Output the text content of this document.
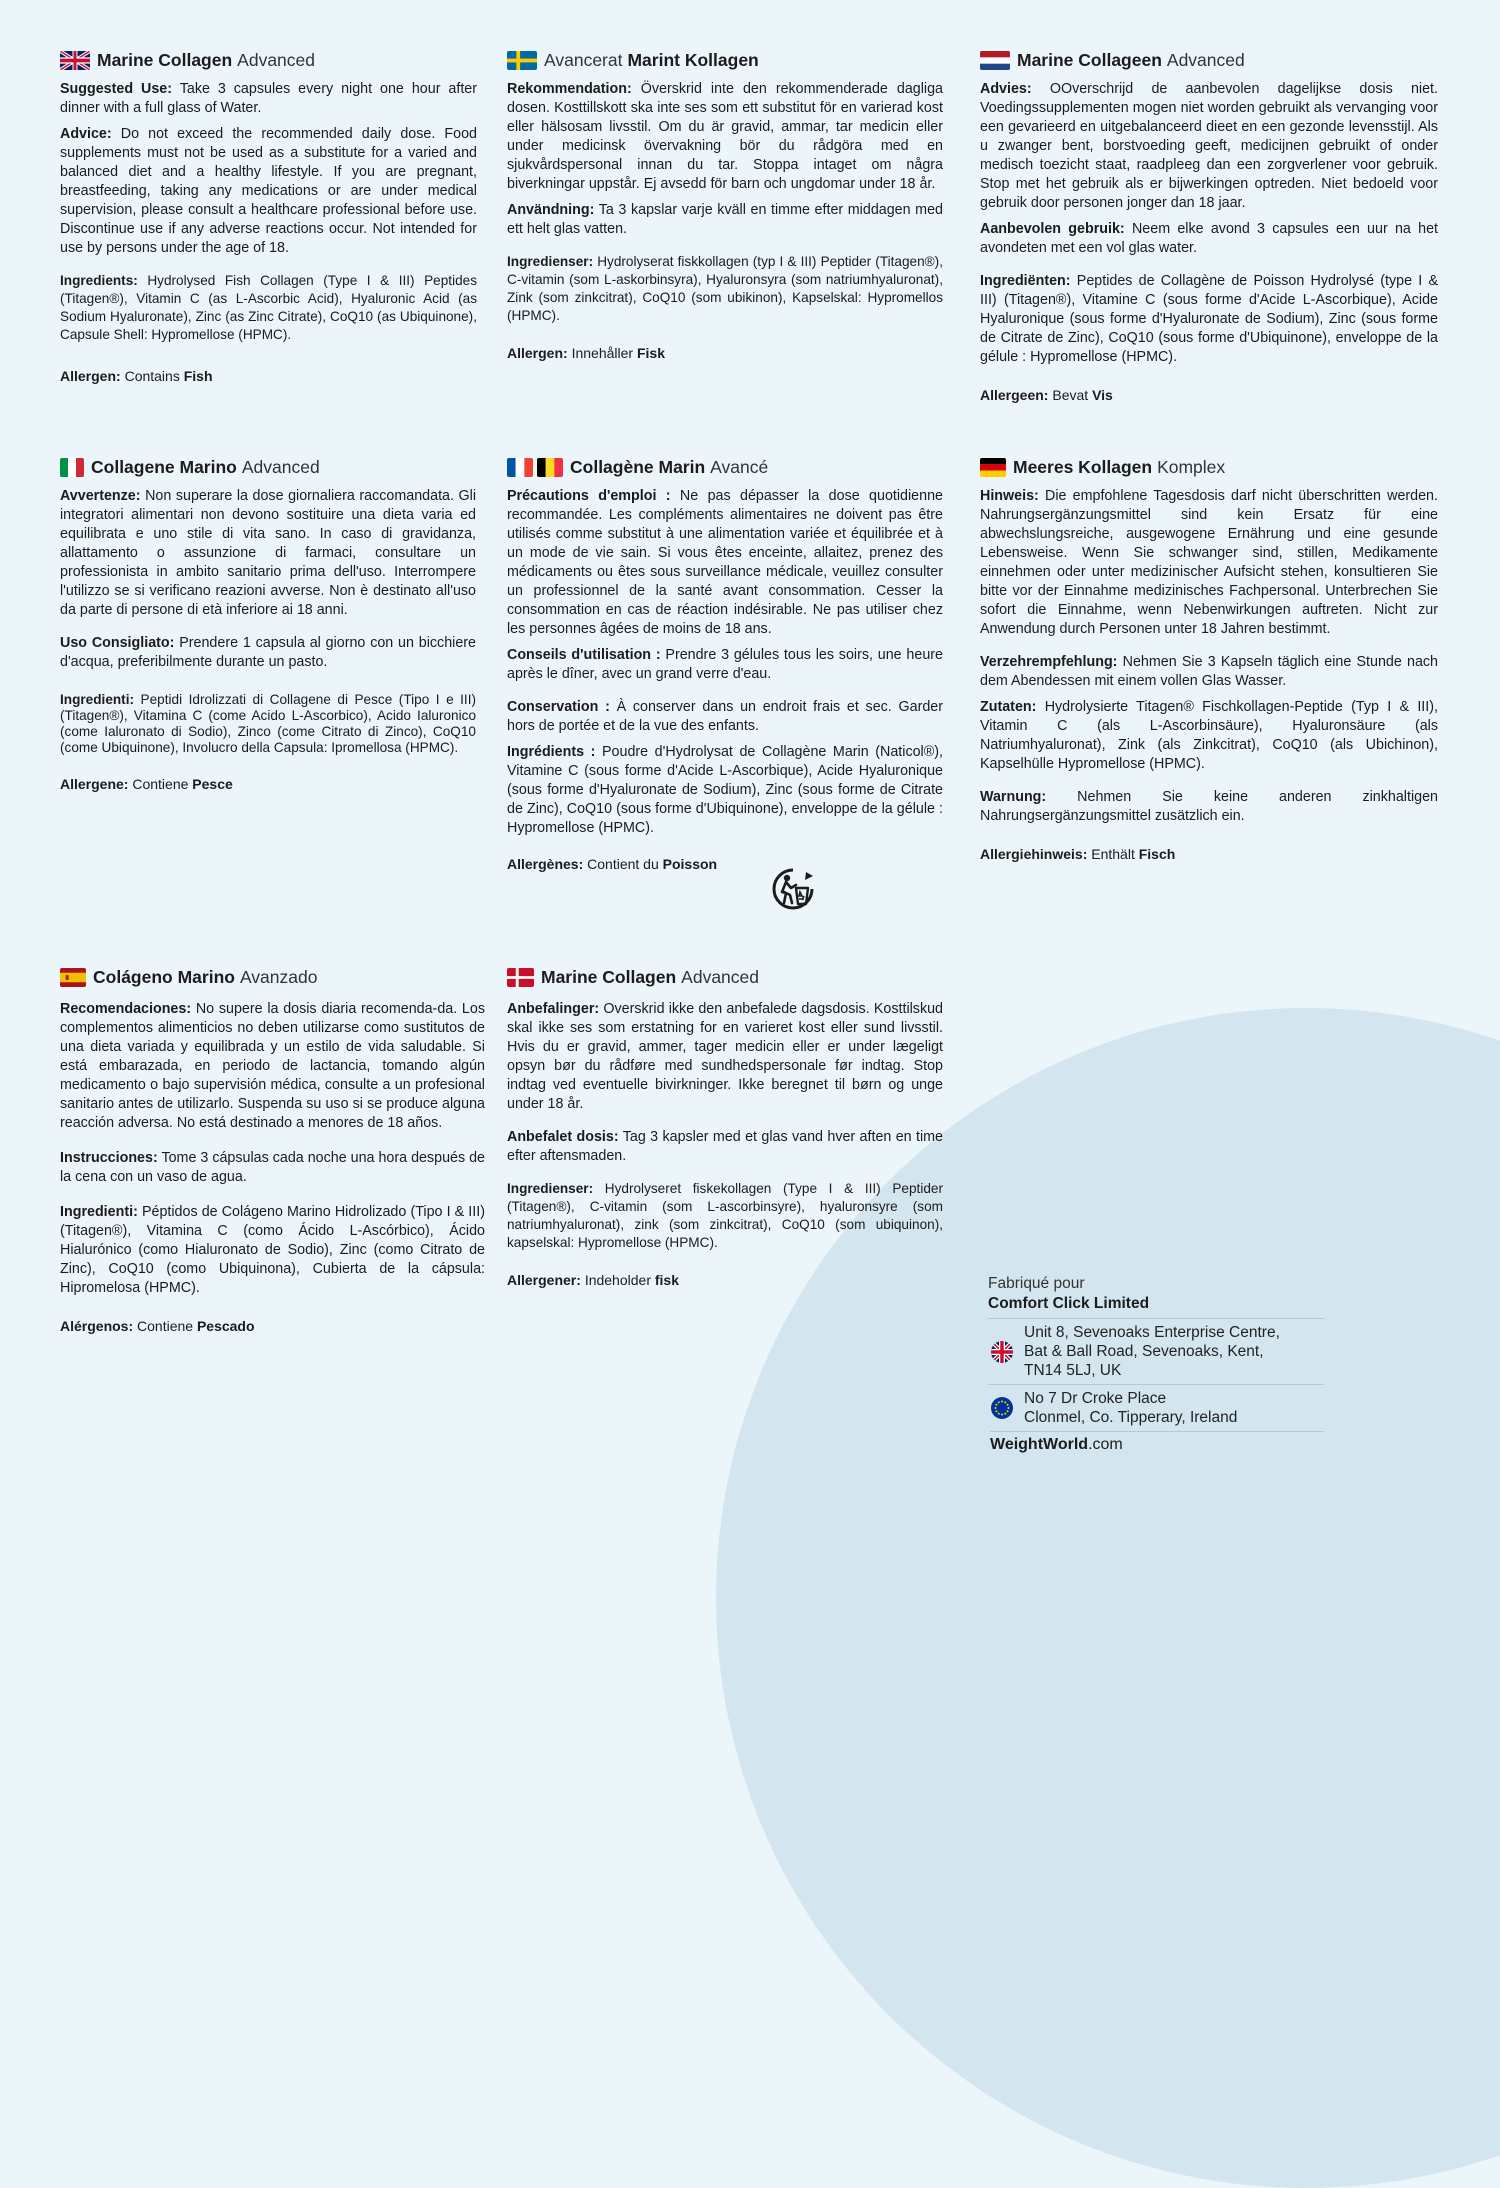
Marine Collagen Advanced

Suggested Use: Take 3 capsules every night one hour after dinner with a full glass of Water.

Advice: Do not exceed the recommended daily dose. Food supplements must not be used as a substitute for a varied and balanced diet and a healthy lifestyle. If you are pregnant, breastfeeding, taking any medications or are under medical supervision, please consult a healthcare professional before use. Discontinue use if any adverse reactions occur. Not intended for use by persons under the age of 18.

Ingredients: Hydrolysed Fish Collagen (Type I & III) Peptides (Titagen®), Vitamin C (as L-Ascorbic Acid), Hyaluronic Acid (as Sodium Hyaluronate), Zinc (as Zinc Citrate), CoQ10 (as Ubiquinone), Capsule Shell: Hypromellose (HPMC).

Allergen: Contains Fish
Avancerat Marint Kollagen

Rekommendation: Överskrid inte den rekommenderade dagliga dosen. Kosttillskott ska inte ses som ett substitut för en varierad kost eller hälsosam livsstil. Om du är gravid, ammar, tar medicin eller under medicinsk övervakning bör du rådgöra med en sjukvårdspersonal innan du tar. Stoppa intaget om några biverkningar uppstår. Ej avsedd för barn och ungdomar under 18 år.

Användning: Ta 3 kapslar varje kväll en timme efter middagen med ett helt glas vatten.

Ingredienser: Hydrolyserat fiskkollagen (typ I & III) Peptider (Titagen®), C-vitamin (som L-askorbinsyra), Hyaluronsyra (som natriumhyaluronat), Zink (som zinkcitrat), CoQ10 (som ubikinon), Kapselskal: Hypromellos (HPMC).

Allergen: Innehåller Fisk
Marine Collageen Advanced

Advies: OOverschrijd de aanbevolen dagelijkse dosis niet. Voedingssupplementen mogen niet worden gebruikt als vervanging voor een gevarieerd en uitgebalanceerd dieet en een gezonde levensstijl. Als u zwanger bent, borstvoeding geeft, medicijnen gebruikt of onder medisch toezicht staat, raadpleeg dan een zorgverlener voor gebruik. Stop met het gebruik als er bijwerkingen optreden. Niet bedoeld voor gebruik door personen jonger dan 18 jaar.

Aanbevolen gebruik: Neem elke avond 3 capsules een uur na het avondeten met een vol glas water.

Ingrediënten: Peptides de Collagène de Poisson Hydrolysé (type I & III) (Titagen®), Vitamine C (sous forme d'Acide L-Ascorbique), Acide Hyaluronique (sous forme d'Hyaluronate de Sodium), Zinc (sous forme de Citrate de Zinc), CoQ10 (sous forme d'Ubiquinone), enveloppe de la gélule : Hypromellose (HPMC).

Allergeen: Bevat Vis
Collagene Marino Advanced

Avvertenze: Non superare la dose giornaliera raccomandata. Gli integratori alimentari non devono sostituire una dieta varia ed equilibrata e uno stile di vita sano. In caso di gravidanza, allattamento o assunzione di farmaci, consultare un professionista in ambito sanitario prima dell'uso. Interrompere l'utilizzo se si verificano reazioni avverse. Non è destinato all'uso da parte di persone di età inferiore ai 18 anni.

Uso Consigliato: Prendere 1 capsula al giorno con un bicchiere d'acqua, preferibilmente durante un pasto.

Ingredienti: Peptidi Idrolizzati di Collagene di Pesce (Tipo I e III) (Titagen®), Vitamina C (come Acido L-Ascorbico), Acido Ialuronico (come Ialuronato di Sodio), Zinco (come Citrato di Zinco), CoQ10 (come Ubiquinone), Involucro della Capsula: Ipromellosa (HPMC).

Allergene: Contiene Pesce
Collagène Marin Avancé

Précautions d'emploi : Ne pas dépasser la dose quotidienne recommandée. Les compléments alimentaires ne doivent pas être utilisés comme substitut à une alimentation variée et équilibrée et à un mode de vie sain. Si vous êtes enceinte, allaitez, prenez des médicaments ou êtes sous surveillance médicale, veuillez consulter un professionnel de la santé avant consommation. Cesser la consommation en cas de réaction indésirable. Ne pas utiliser chez les personnes âgées de moins de 18 ans.

Conseils d'utilisation : Prendre 3 gélules tous les soirs, une heure après le dîner, avec un grand verre d'eau.

Conservation : À conserver dans un endroit frais et sec. Garder hors de portée et de la vue des enfants.

Ingrédients : Poudre d'Hydrolysat de Collagène Marin (Naticol®), Vitamine C (sous forme d'Acide L-Ascorbique), Acide Hyaluronique (sous forme d'Hyaluronate de Sodium), Zinc (sous forme de Citrate de Zinc), CoQ10 (sous forme d'Ubiquinone), enveloppe de la gélule : Hypromellose (HPMC).

Allergènes: Contient du Poisson
Meeres Kollagen Komplex

Hinweis: Die empfohlene Tagesdosis darf nicht überschritten werden. Nahrungsergänzungsmittel sind kein Ersatz für eine abwechslungsreiche, ausgewogene Ernährung und eine gesunde Lebensweise. Wenn Sie schwanger sind, stillen, Medikamente einnehmen oder unter medizinischer Aufsicht stehen, konsultieren Sie bitte vor der Einnahme medizinisches Fachpersonal. Unterbrechen Sie sofort die Einnahme, wenn Nebenwirkungen auftreten. Nicht zur Anwendung durch Personen unter 18 Jahren bestimmt.

Verzehrempfehlung: Nehmen Sie 3 Kapseln täglich eine Stunde nach dem Abendessen mit einem vollen Glas Wasser.

Zutaten: Hydrolysierte Titagen® Fischkollagen-Peptide (Typ I & III), Vitamin C (als L-Ascorbinsäure), Hyaluronsäure (als Natriumhyaluronat), Zink (als Zinkcitrat), CoQ10 (als Ubichinon), Kapselhülle Hypromellose (HPMC).

Warnung: Nehmen Sie keine anderen zinkhaltigen Nahrungsergänzungsmittel zusätzlich ein.

Allergiehinweis: Enthält Fisch
Colágeno Marino Avanzado

Recomendaciones: No supere la dosis diaria recomenda-da. Los complementos alimenticios no deben utilizarse como sustitutos de una dieta variada y equilibrada y un estilo de vida saludable. Si está embarazada, en periodo de lactancia, tomando algún medicamento o bajo supervisión médica, consulte a un profesional sanitario antes de utilizarlo. Suspenda su uso si se produce alguna reacción adversa. No está destinado a menores de 18 años.

Instrucciones: Tome 3 cápsulas cada noche una hora después de la cena con un vaso de agua.

Ingredienti: Péptidos de Colágeno Marino Hidrolizado (Tipo I & III) (Titagen®), Vitamina C (como Ácido L-Ascórbico), Ácido Hialurónico (como Hialuronato de Sodio), Zinc (como Citrato de Zinc), CoQ10 (como Ubiquinona), Cubierta de la cápsula: Hipromelosa (HPMC).

Alérgenos: Contiene Pescado
Marine Collagen Advanced

Anbefalinger: Overskrid ikke den anbefalede dagsdosis. Kosttilskud skal ikke ses som erstatning for en varieret kost eller sund livsstil. Hvis du er gravid, ammer, tager medicin eller er under lægeligt opsyn bør du rådføre med sundhedspersonale før indtag. Stop indtag ved eventuelle bivirkninger. Ikke beregnet til børn og unge under 18 år.

Anbefalet dosis: Tag 3 kapsler med et glas vand hver aften en time efter aftensmaden.

Ingredienser: Hydrolyseret fiskekollagen (Type I & III) Peptider (Titagen®), C-vitamin (som L-ascorbinsyre), hyaluronsyre (som natriumhyaluronat), zink (som zinkcitrat), CoQ10 (som ubiquinon), kapselskal: Hypromellose (HPMC).

Allergener: Indeholder fisk	Fabriqué pour
Comfort Click Limited
Unit 8, Sevenoaks Enterprise Centre,
Bat & Ball Road, Sevenoaks, Kent,
TN14 5LJ, UK
No 7 Dr Croke Place
Clonmel, Co. Tipperary, Ireland
WeightWorld.com
